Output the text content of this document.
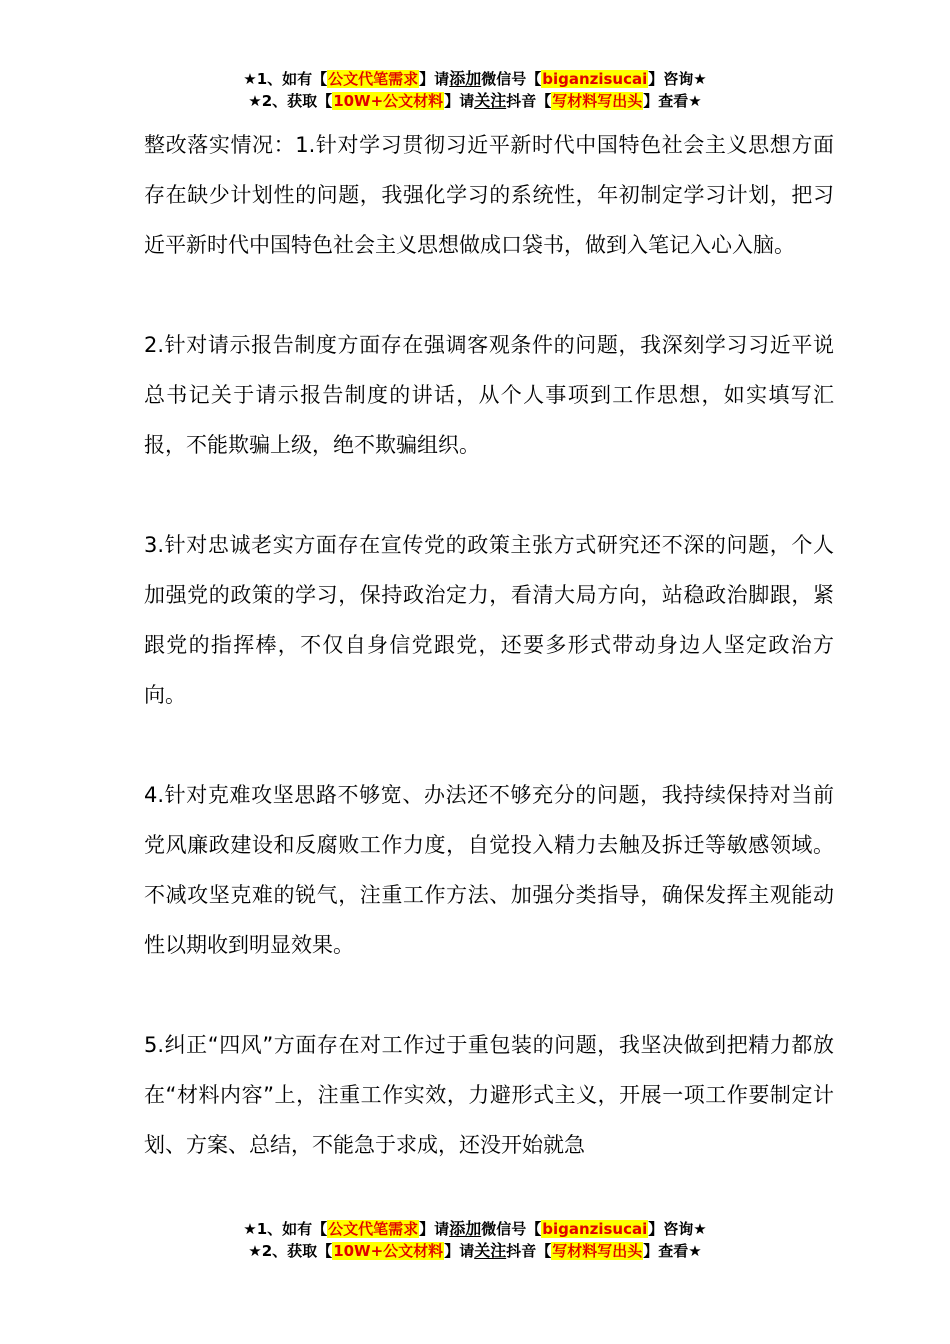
★1、如有【公文代笔需求】请添加微信号【biganzisucai】咨询★
★2、获取【10W+公文材料】请关注抖音【写材料写出头】查看★

整改落实情况：1.针对学习贯彻习近平新时代中国特色社会主义思想方面存在缺少计划性的问题，我强化学习的系统性，年初制定学习计划，把习近平新时代中国特色社会主义思想做成口袋书，做到入笔记入心入脑。

2.针对请示报告制度方面存在强调客观条件的问题，我深刻学习习近平说总书记关于请示报告制度的讲话，从个人事项到工作思想，如实填写汇报，不能欺骗上级，绝不欺骗组织。

3.针对忠诚老实方面存在宣传党的政策主张方式研究还不深的问题，个人加强党的政策的学习，保持政治定力，看清大局方向，站稳政治脚跟，紧跟党的指挥棒，不仅自身信党跟党，还要多形式带动身边人坚定政治方向。

4.针对克难攻坚思路不够宽、办法还不够充分的问题，我持续保持对当前党风廉政建设和反腐败工作力度，自觉投入精力去触及拆迁等敏感领域。不减攻坚克难的锐气，注重工作方法、加强分类指导，确保发挥主观能动性以期收到明显效果。

5.纠正“四风”方面存在对工作过于重包装的问题，我坚决做到把精力都放在“材料内容”上，注重工作实效，力避形式主义，开展一项工作要制定计划、方案、总结，不能急于求成，还没开始就急

★1、如有【公文代笔需求】请添加微信号【biganzisucai】咨询★
★2、获取【10W+公文材料】请关注抖音【写材料写出头】查看★
